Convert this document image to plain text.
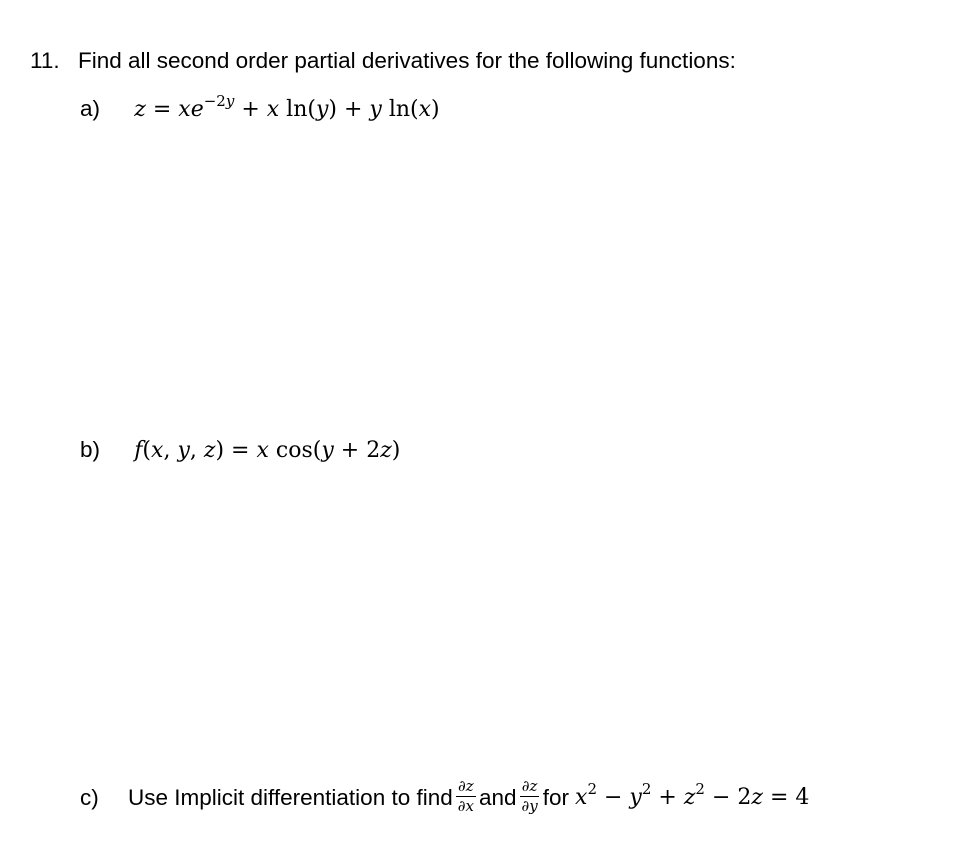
11. Find all second order partial derivatives for the following functions:
a) $z = xe^{-2y} + x$ ln(y) + y ln(x)
b) f(x, y, z) = x cos(y + 2z)
c)	Use Implicit differentiation to find $\frac{\partial z}{\partial x}$ and $\frac{\partial z}{\partial y}$ for $x^2 - y^2 + z^2 - 2z = 4$
